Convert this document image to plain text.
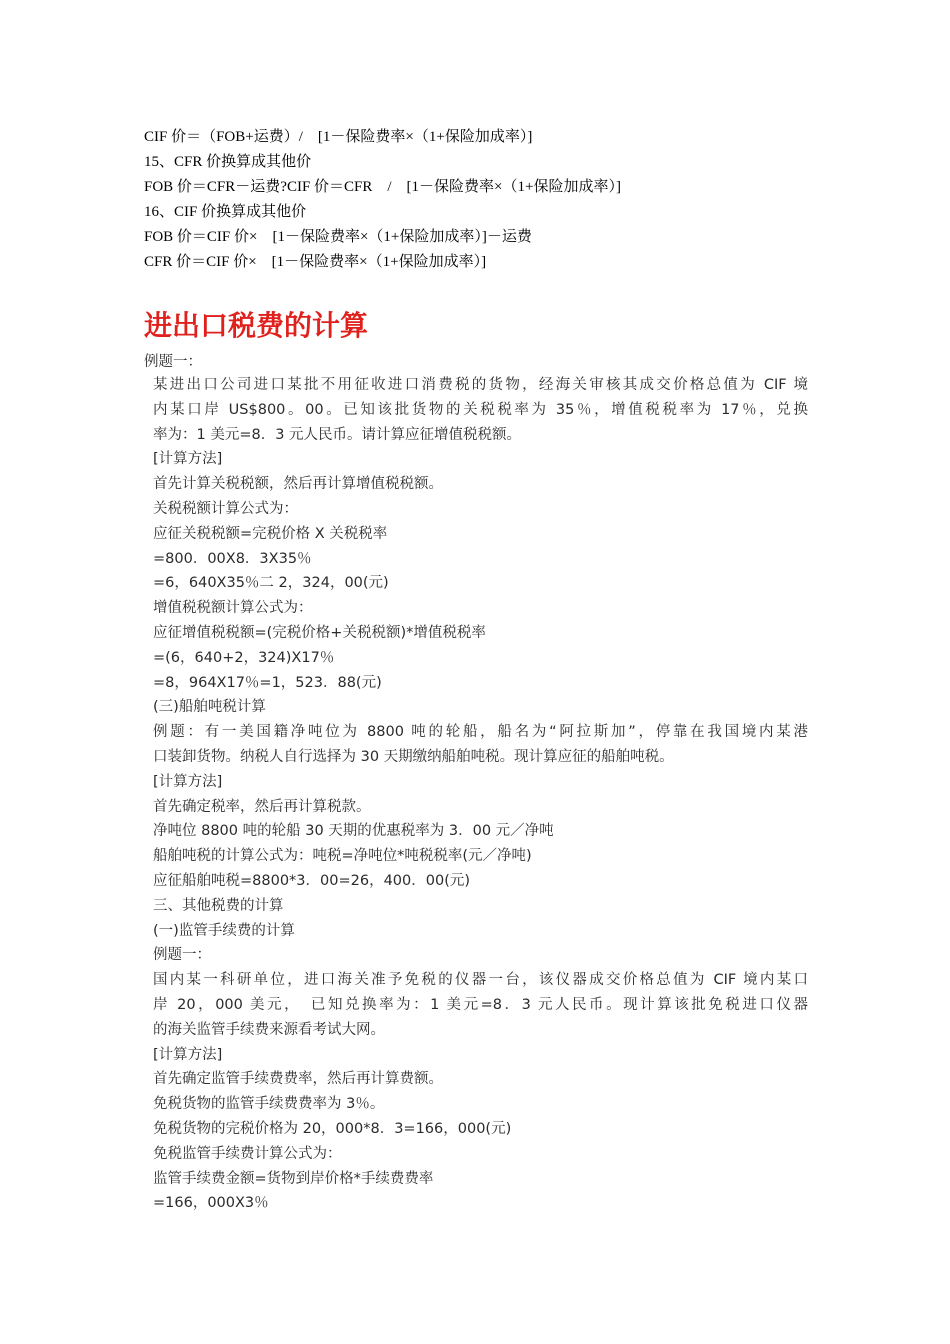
CIF 价＝（FOB+运费）/　[1－保险费率×（1+保险加成率）]
15、CFR 价换算成其他价
FOB 价＝CFR－运费?CIF 价＝CFR　/　[1－保险费率×（1+保险加成率）]
16、CIF 价换算成其他价
FOB 价＝CIF 价×　[1－保险费率×（1+保险加成率）]－运费
CFR 价＝CIF 价×　[1－保险费率×（1+保险加成率）]
进出口税费的计算
例题一：
某进出口公司进口某批不用征收进口消费税的货物，经海关审核其成交价格总值为 CIF 境
内某口岸 US$800。00。已知该批货物的关税税率为 35％，增值税税率为 17％，兑换
率为：1 美元=8．3 元人民币。请计算应征增值税税额。
[计算方法]
首先计算关税税额，然后再计算增值税税额。
关税税额计算公式为：
应征关税税额=完税价格 X 关税税率
=800．00X8．3X35％
=6，640X35％二 2，324，00(元)
增值税税额计算公式为：
应征增值税税额=(完税价格+关税税额)*增值税税率
=(6，640+2，324)X17％
=8，964X17％=1，523．88(元)
(三)船舶吨税计算
例题：有一美国籍净吨位为 8800 吨的轮船，船名为“阿拉斯加”，停靠在我国境内某港
口装卸货物。纳税人自行选择为 30 天期缴纳船舶吨税。现计算应征的船舶吨税。
[计算方法]
首先确定税率，然后再计算税款。
净吨位 8800 吨的轮船 30 天期的优惠税率为 3．00 元／净吨
船舶吨税的计算公式为：吨税=净吨位*吨税税率(元／净吨)
应征船舶吨税=8800*3．00=26，400．00(元)
三、其他税费的计算
(一)监管手续费的计算
例题一：
国内某一科研单位，进口海关准予免税的仪器一台，该仪器成交价格总值为 CIF 境内某口
岸 20，000 美元，　已知兑换率为：1 美元=8．3 元人民币。现计算该批免税进口仪器
的海关监管手续费来源看考试大网。
[计算方法]
首先确定监管手续费费率，然后再计算费额。
免税货物的监管手续费费率为 3％。
免税货物的完税价格为 20，000*8．3=166，000(元)
免税监管手续费计算公式为：
监管手续费金额=货物到岸价格*手续费费率
=166，000X3％
